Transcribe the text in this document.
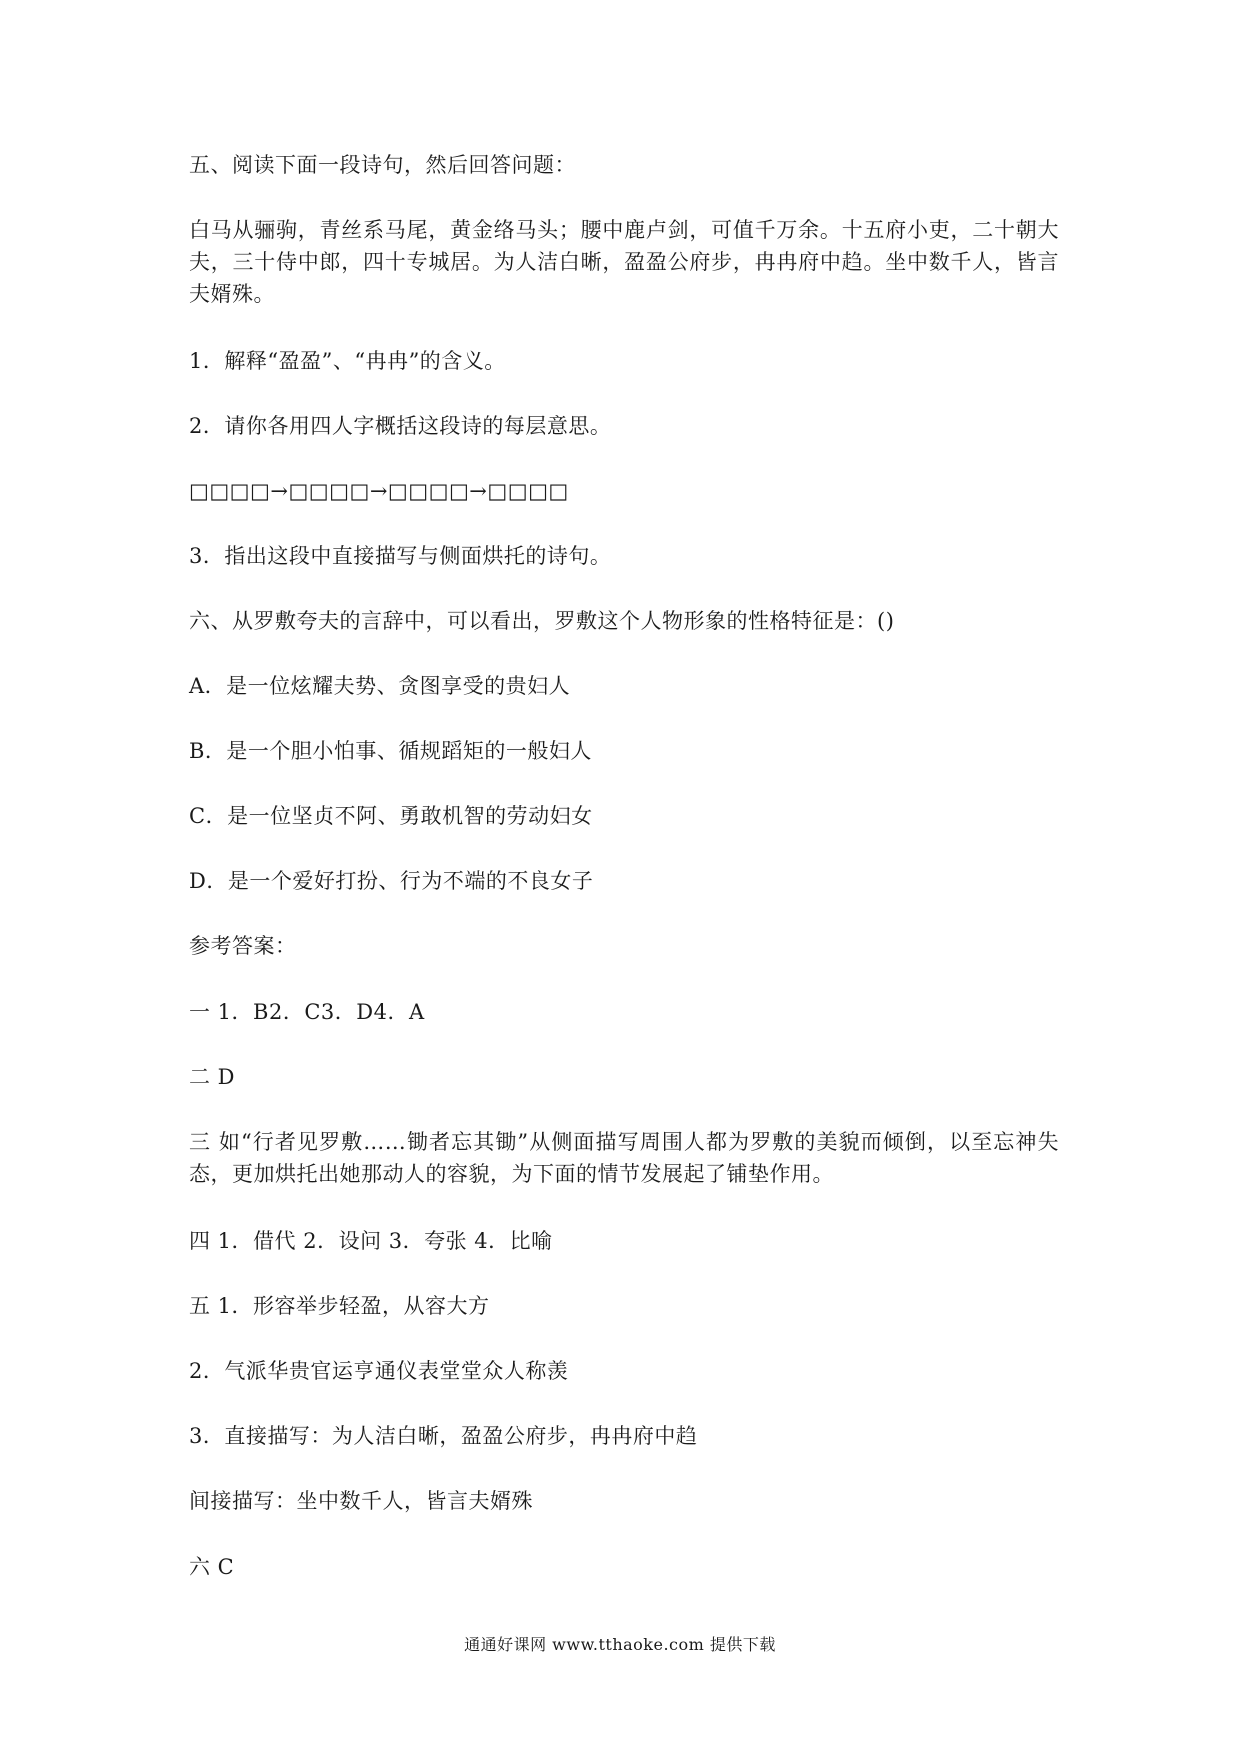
五、阅读下面一段诗句，然后回答问题：
白马从骊驹，青丝系马尾，黄金络马头；腰中鹿卢剑，可值千万余。十五府小吏，二十朝大夫，三十侍中郎，四十专城居。为人洁白晰，盈盈公府步，冉冉府中趋。坐中数千人，皆言夫婿殊。
1．解释“盈盈”、“冉冉”的含义。
2．请你各用四人字概括这段诗的每层意思。
□□□□→□□□□→□□□□→□□□□
3．指出这段中直接描写与侧面烘托的诗句。
六、从罗敷夸夫的言辞中，可以看出，罗敷这个人物形象的性格特征是：()
A．是一位炫耀夫势、贪图享受的贵妇人
B．是一个胆小怕事、循规蹈矩的一般妇人
C．是一位坚贞不阿、勇敢机智的劳动妇女
D．是一个爱好打扮、行为不端的不良女子
参考答案：
一 1．B2．C3．D4．A
二 D
三 如“行者见罗敷……锄者忘其锄”从侧面描写周围人都为罗敷的美貌而倾倒，以至忘神失态，更加烘托出她那动人的容貌，为下面的情节发展起了铺垫作用。
四 1．借代 2．设问 3．夸张 4．比喻
五 1．形容举步轻盈，从容大方
2．气派华贵官运亨通仪表堂堂众人称羡
3．直接描写：为人洁白晰，盈盈公府步，冉冉府中趋
间接描写：坐中数千人，皆言夫婿殊
六 C
通通好课网 www.tthaoke.com 提供下载
